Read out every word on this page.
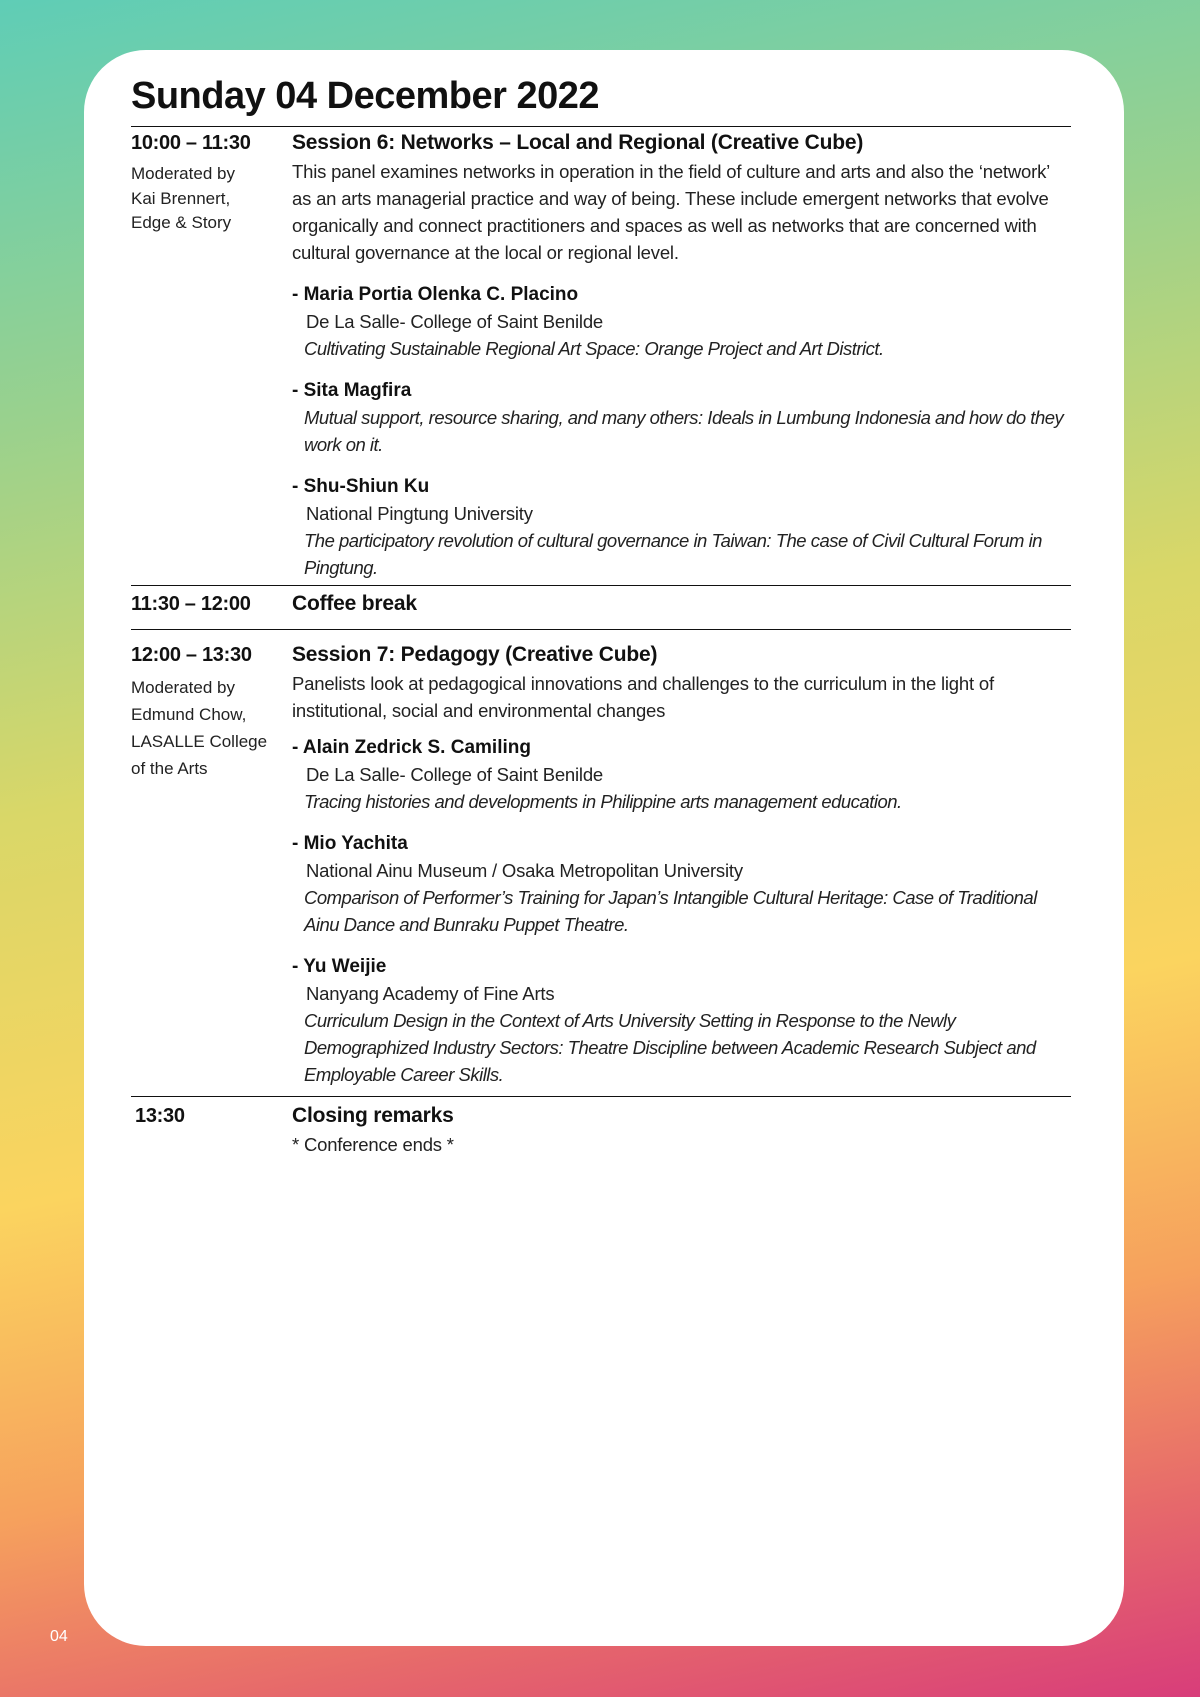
Sunday 04 December 2022
10:00 – 11:30
Moderated by
Kai Brennert,
Edge & Story
Session 6: Networks – Local and Regional (Creative Cube)
This panel examines networks in operation in the field of culture and arts and also the ‘network’ as an arts managerial practice and way of being. These include emergent networks that evolve organically and connect practitioners and spaces as well as networks that are concerned with cultural governance at the local or regional level.
- Maria Portia Olenka C. Placino
De La Salle- College of Saint Benilde
Cultivating Sustainable Regional Art Space: Orange Project and Art District.
- Sita Magfira
Mutual support, resource sharing, and many others: Ideals in Lumbung Indonesia and how do they work on it.
- Shu-Shiun Ku
National Pingtung University
The participatory revolution of cultural governance in Taiwan: The case of Civil Cultural Forum in Pingtung.
11:30 – 12:00	Coffee break
12:00 – 13:30
Moderated by
Edmund Chow,
LASALLE College
of the Arts
Session 7: Pedagogy (Creative Cube)
Panelists look at pedagogical innovations and challenges to the curriculum in the light of institutional, social and environmental changes
- Alain Zedrick S. Camiling
De La Salle- College of Saint Benilde
Tracing histories and developments in Philippine arts management education.
- Mio Yachita
National Ainu Museum / Osaka Metropolitan University
Comparison of Performer’s Training for Japan’s Intangible Cultural Heritage: Case of Traditional Ainu Dance and Bunraku Puppet Theatre.
- Yu Weijie
Nanyang Academy of Fine Arts
Curriculum Design in the Context of Arts University Setting in Response to the Newly Demographized Industry Sectors: Theatre Discipline between Academic Research Subject and Employable Career Skills.
13:30	Closing remarks
* Conference ends *
04
